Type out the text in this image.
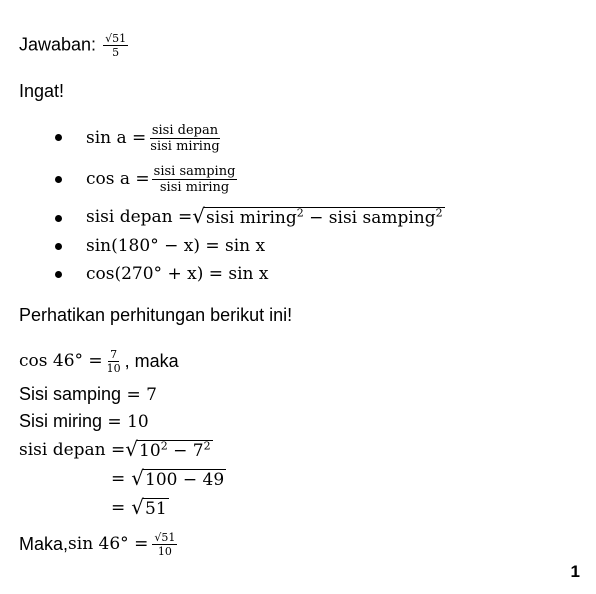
Jawaban: $\frac{√51}{5}$
Ingat!
$\sin a = \frac{\text{sisi depan}}{\text{sisi miring}}$
$\cos a = \frac{\text{sisi samping}}{\text{sisi miring}}$
sisi depan = √ sisi miring$^2$ − sisi samping$^2$
sin(180° − x) = sin x
cos(270° + x) = sin x
Perhatikan perhitungan berikut ini!
$\cos 46^\circ = \frac{7}{10}$ , maka
Sisi samping = 7
Sisi miring = 10
sisi depan = √ $10^2 - 7^2$
= √ 100 − 49
= √ 51
Maka, $\sin 46^\circ = \frac{√51}{10}$
1
